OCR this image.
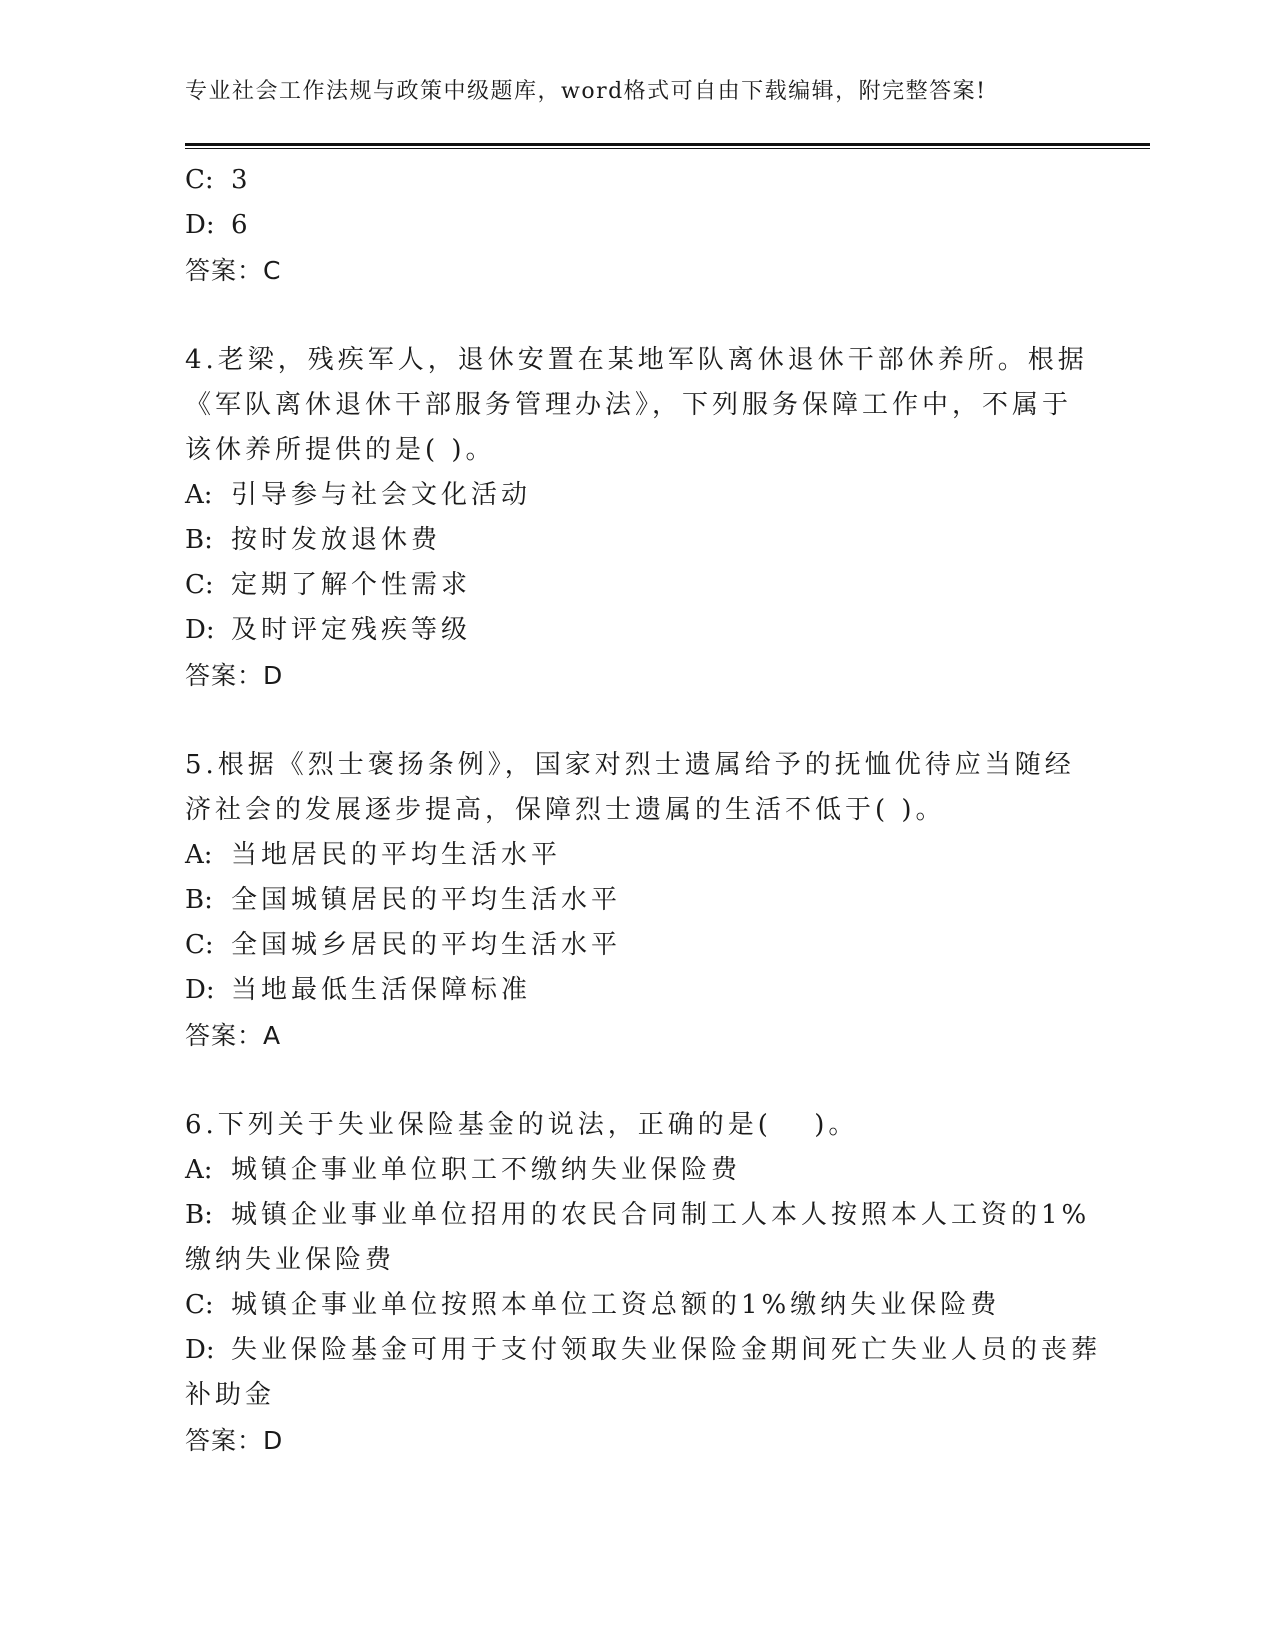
专业社会工作法规与政策中级题库，word格式可自由下载编辑，附完整答案!
C: 3
D: 6
答案：C
4.老梁，残疾军人，退休安置在某地军队离休退休干部休养所。根据
《军队离休退休干部服务管理办法》，下列服务保障工作中，不属于
该休养所提供的是( )。
A: 引导参与社会文化活动
B: 按时发放退休费
C: 定期了解个性需求
D: 及时评定残疾等级
答案：D
5.根据《烈士褒扬条例》，国家对烈士遗属给予的抚恤优待应当随经
济社会的发展逐步提高，保障烈士遗属的生活不低于( )。
A: 当地居民的平均生活水平
B: 全国城镇居民的平均生活水平
C: 全国城乡居民的平均生活水平
D: 当地最低生活保障标准
答案：A
6.下列关于失业保险基金的说法，正确的是(　 )。
A: 城镇企事业单位职工不缴纳失业保险费
B: 城镇企业事业单位招用的农民合同制工人本人按照本人工资的1%
缴纳失业保险费
C: 城镇企事业单位按照本单位工资总额的1%缴纳失业保险费
D: 失业保险基金可用于支付领取失业保险金期间死亡失业人员的丧葬
补助金
答案：D
